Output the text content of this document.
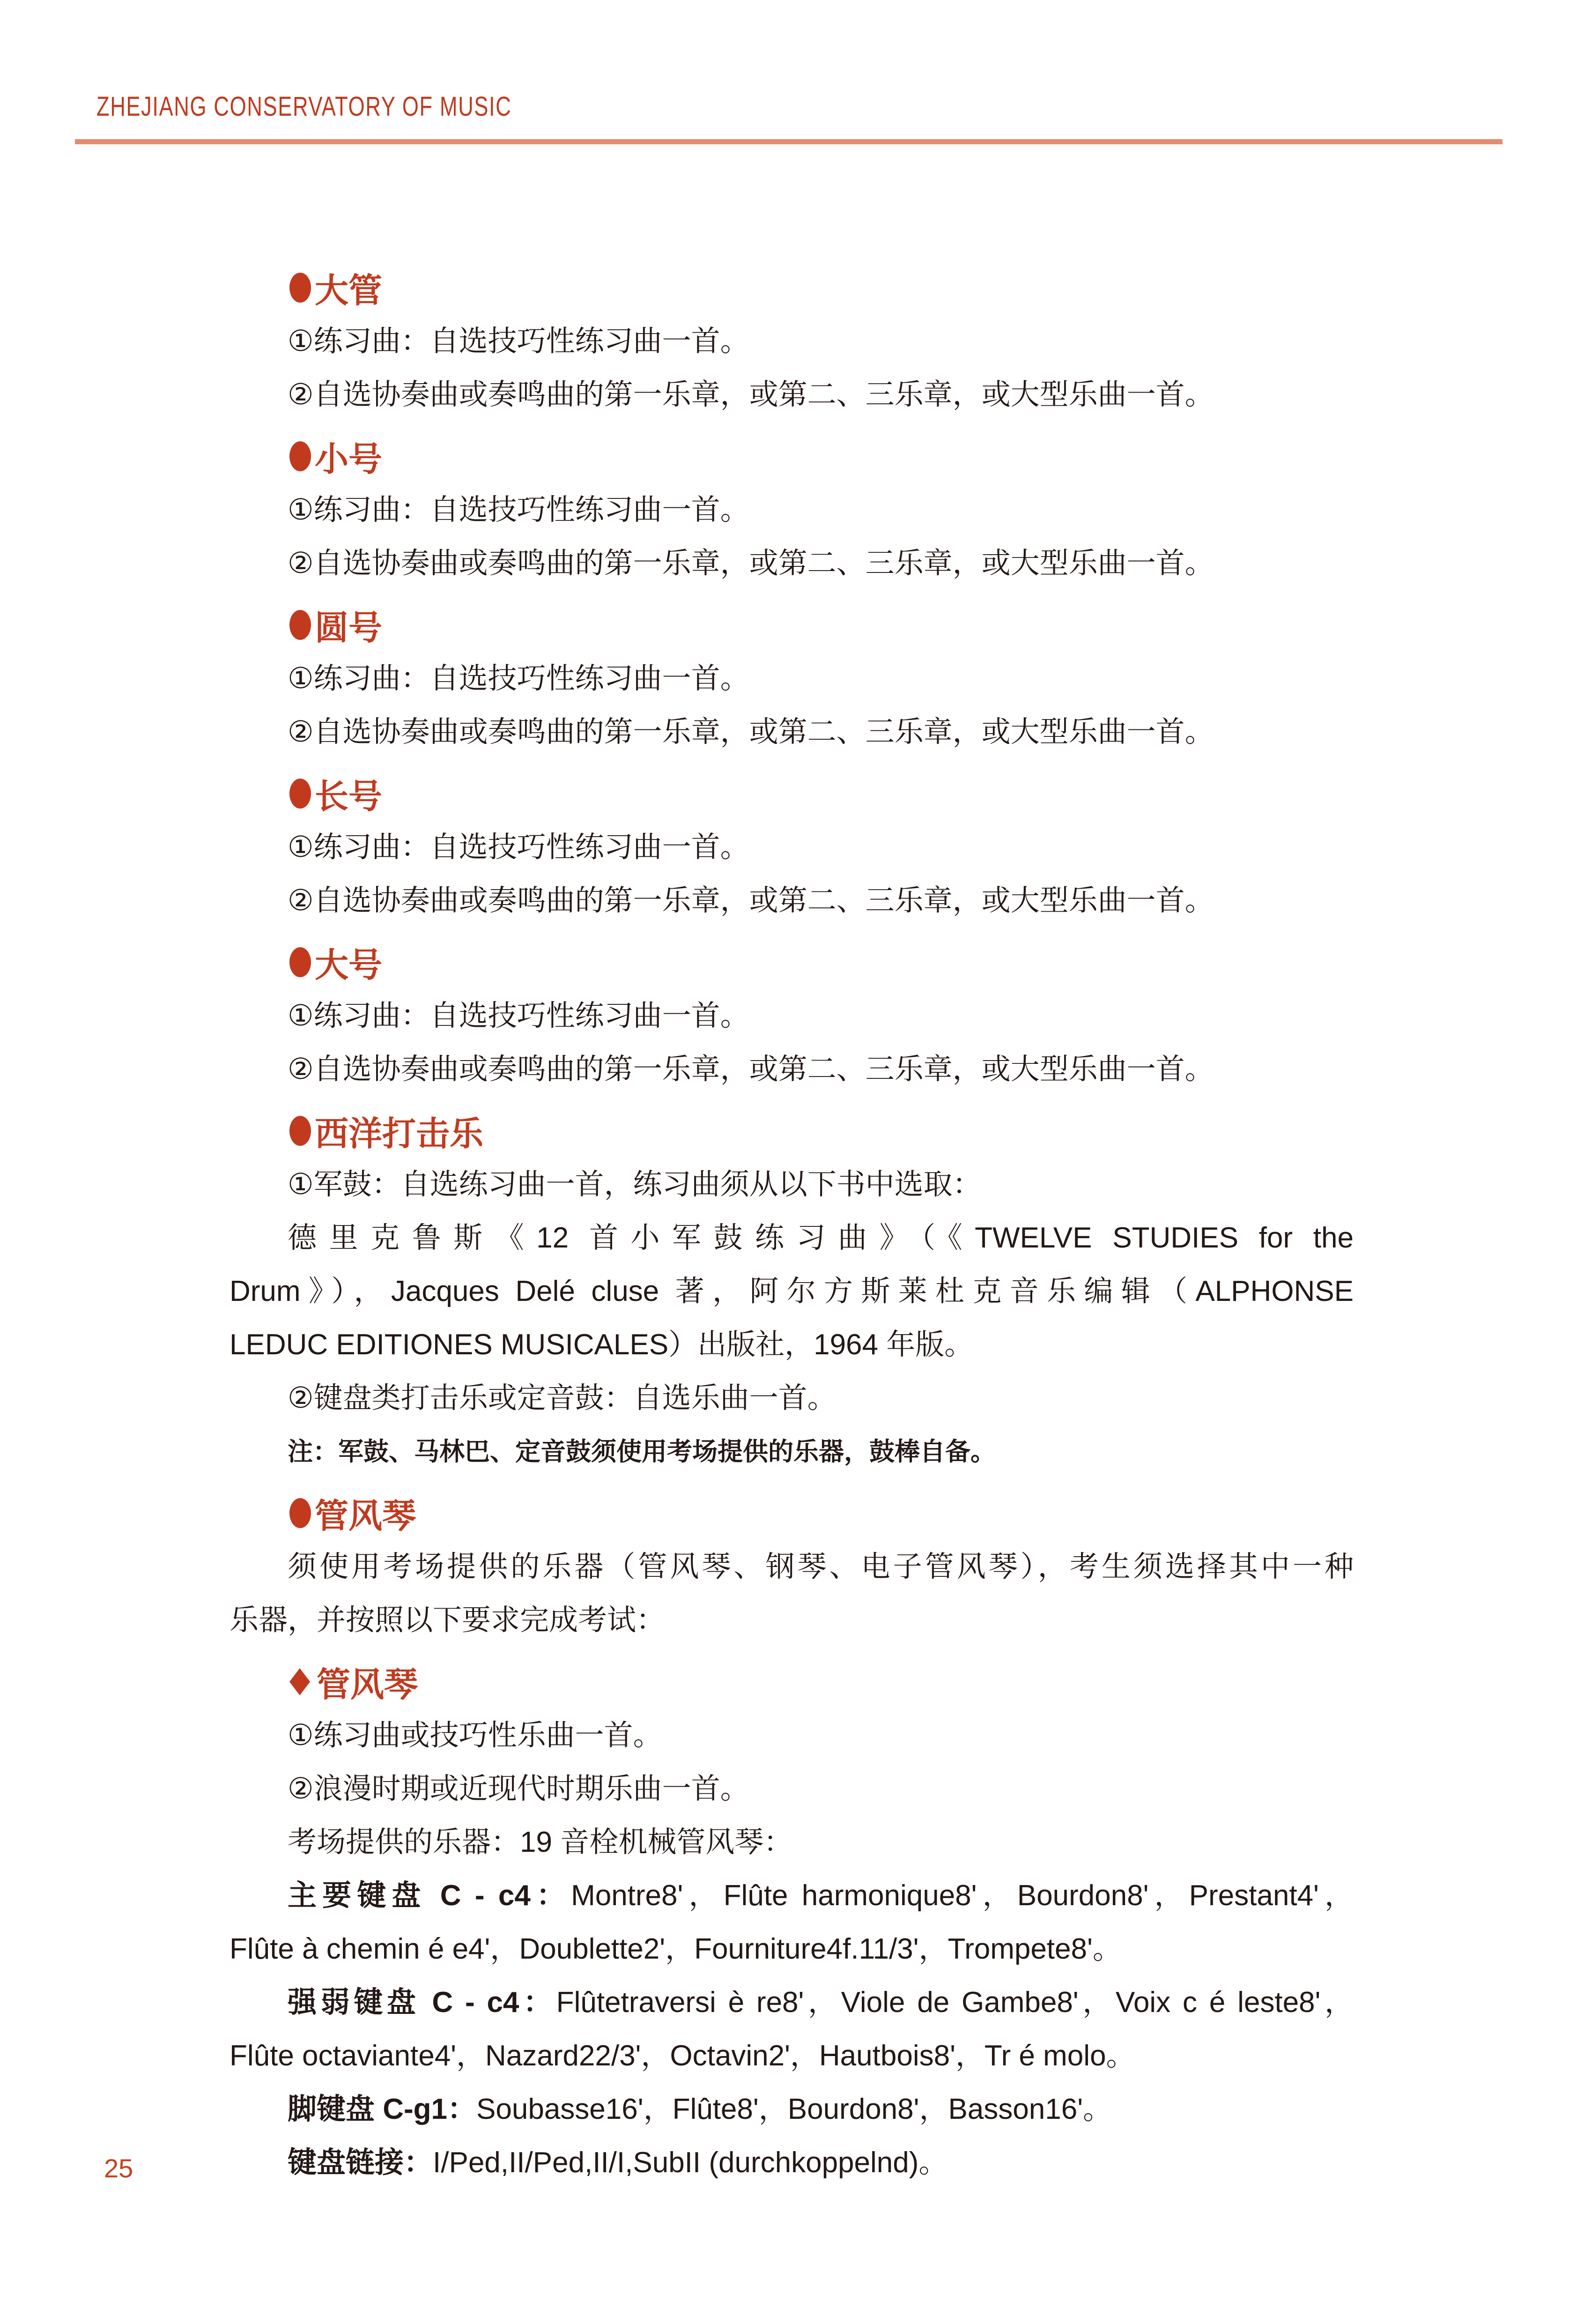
ZHEJIANG CONSERVATORY OF MUSIC
大管
①练习曲：自选技巧性练习曲一首。
②自选协奏曲或奏鸣曲的第一乐章，或第二、三乐章，或大型乐曲一首。
小号
①练习曲：自选技巧性练习曲一首。
②自选协奏曲或奏鸣曲的第一乐章，或第二、三乐章，或大型乐曲一首。
圆号
①练习曲：自选技巧性练习曲一首。
②自选协奏曲或奏鸣曲的第一乐章，或第二、三乐章，或大型乐曲一首。
长号
①练习曲：自选技巧性练习曲一首。
②自选协奏曲或奏鸣曲的第一乐章，或第二、三乐章，或大型乐曲一首。
大号
①练习曲：自选技巧性练习曲一首。
②自选协奏曲或奏鸣曲的第一乐章，或第二、三乐章，或大型乐曲一首。
西洋打击乐
①军鼓：自选练习曲一首，练习曲须从以下书中选取：
德里克鲁斯《12 首小军鼓练习曲》（《TWELVE STUDIES for the
Drum》），Jacques Delé cluse 著，阿尔方斯莱杜克音乐编辑（ALPHONSE
LEDUC EDITIONES MUSICALES）出版社，1964 年版。
②键盘类打击乐或定音鼓：自选乐曲一首。
注：军鼓、马林巴、定音鼓须使用考场提供的乐器，鼓棒自备。
管风琴
须使用考场提供的乐器（管风琴、钢琴、电子管风琴），考生须选择其中一种
乐器，并按照以下要求完成考试：
管风琴
①练习曲或技巧性乐曲一首。
②浪漫时期或近现代时期乐曲一首。
考场提供的乐器：19 音栓机械管风琴：
主要键盘 C - c4：Montre8'，Flûte harmonique8'，Bourdon8'，Prestant4'，
Flûte à chemin é e4'，Doublette2'，Fourniture4f.11/3'，Trompete8'。
强弱键盘 C - c4：Flûtetraversi è re8'，Viole de Gambe8'，Voix c é leste8'，
Flûte octaviante4'，Nazard22/3'，Octavin2'，Hautbois8'，Tr é molo。
脚键盘 C-g1：Soubasse16'，Flûte8'，Bourdon8'，Basson16'。
键盘链接：I/Ped,II/Ped,II/I,SubII (durchkoppelnd)。
25
